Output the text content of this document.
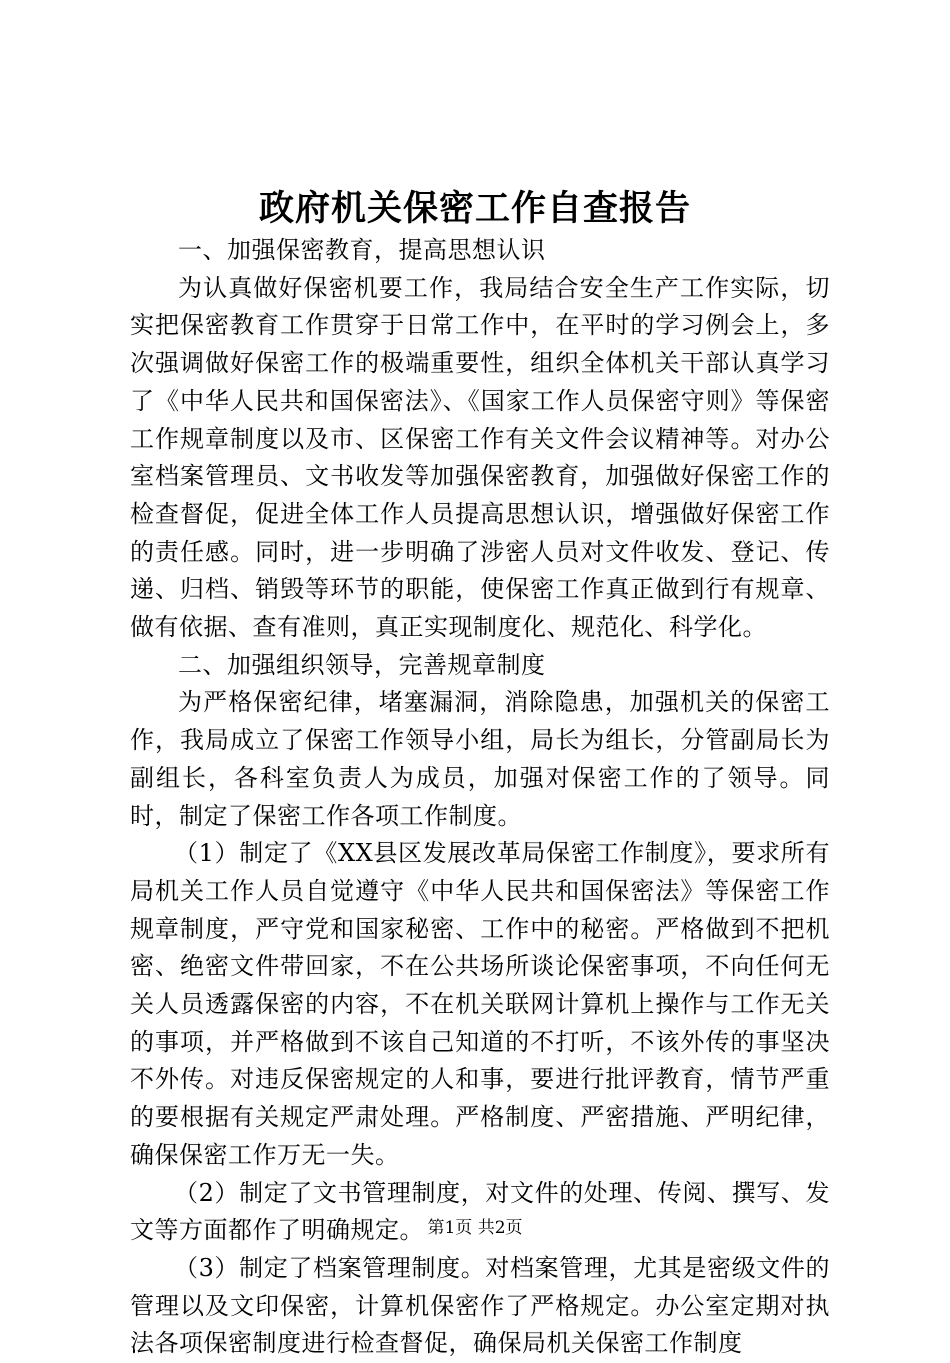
政府机关保密工作自查报告

一、加强保密教育，提高思想认识

为认真做好保密机要工作，我局结合安全生产工作实际，切实把保密教育工作贯穿于日常工作中，在平时的学习例会上，多次强调做好保密工作的极端重要性，组织全体机关干部认真学习了《中华人民共和国保密法》、《国家工作人员保密守则》等保密工作规章制度以及市、区保密工作有关文件会议精神等。对办公室档案管理员、文书收发等加强保密教育，加强做好保密工作的检查督促，促进全体工作人员提高思想认识，增强做好保密工作的责任感。同时，进一步明确了涉密人员对文件收发、登记、传递、归档、销毁等环节的职能，使保密工作真正做到行有规章、做有依据、查有准则，真正实现制度化、规范化、科学化。

二、加强组织领导，完善规章制度

为严格保密纪律，堵塞漏洞，消除隐患，加强机关的保密工作，我局成立了保密工作领导小组，局长为组长，分管副局长为副组长，各科室负责人为成员，加强对保密工作的了领导。同时，制定了保密工作各项工作制度。

（1）制定了《XX县区发展改革局保密工作制度》，要求所有局机关工作人员自觉遵守《中华人民共和国保密法》等保密工作规章制度，严守党和国家秘密、工作中的秘密。严格做到不把机密、绝密文件带回家，不在公共场所谈论保密事项，不向任何无关人员透露保密的内容，不在机关联网计算机上操作与工作无关的事项，并严格做到不该自己知道的不打听，不该外传的事坚决不外传。对违反保密规定的人和事，要进行批评教育，情节严重的要根据有关规定严肃处理。严格制度、严密措施、严明纪律，确保保密工作万无一失。

（2）制定了文书管理制度，对文件的处理、传阅、撰写、发文等方面都作了明确规定。

（3）制定了档案管理制度。对档案管理，尤其是密级文件的管理以及文印保密，计算机保密作了严格规定。办公室定期对执法各项保密制度进行检查督促，确保局机关保密工作制度

第1页 共2页
